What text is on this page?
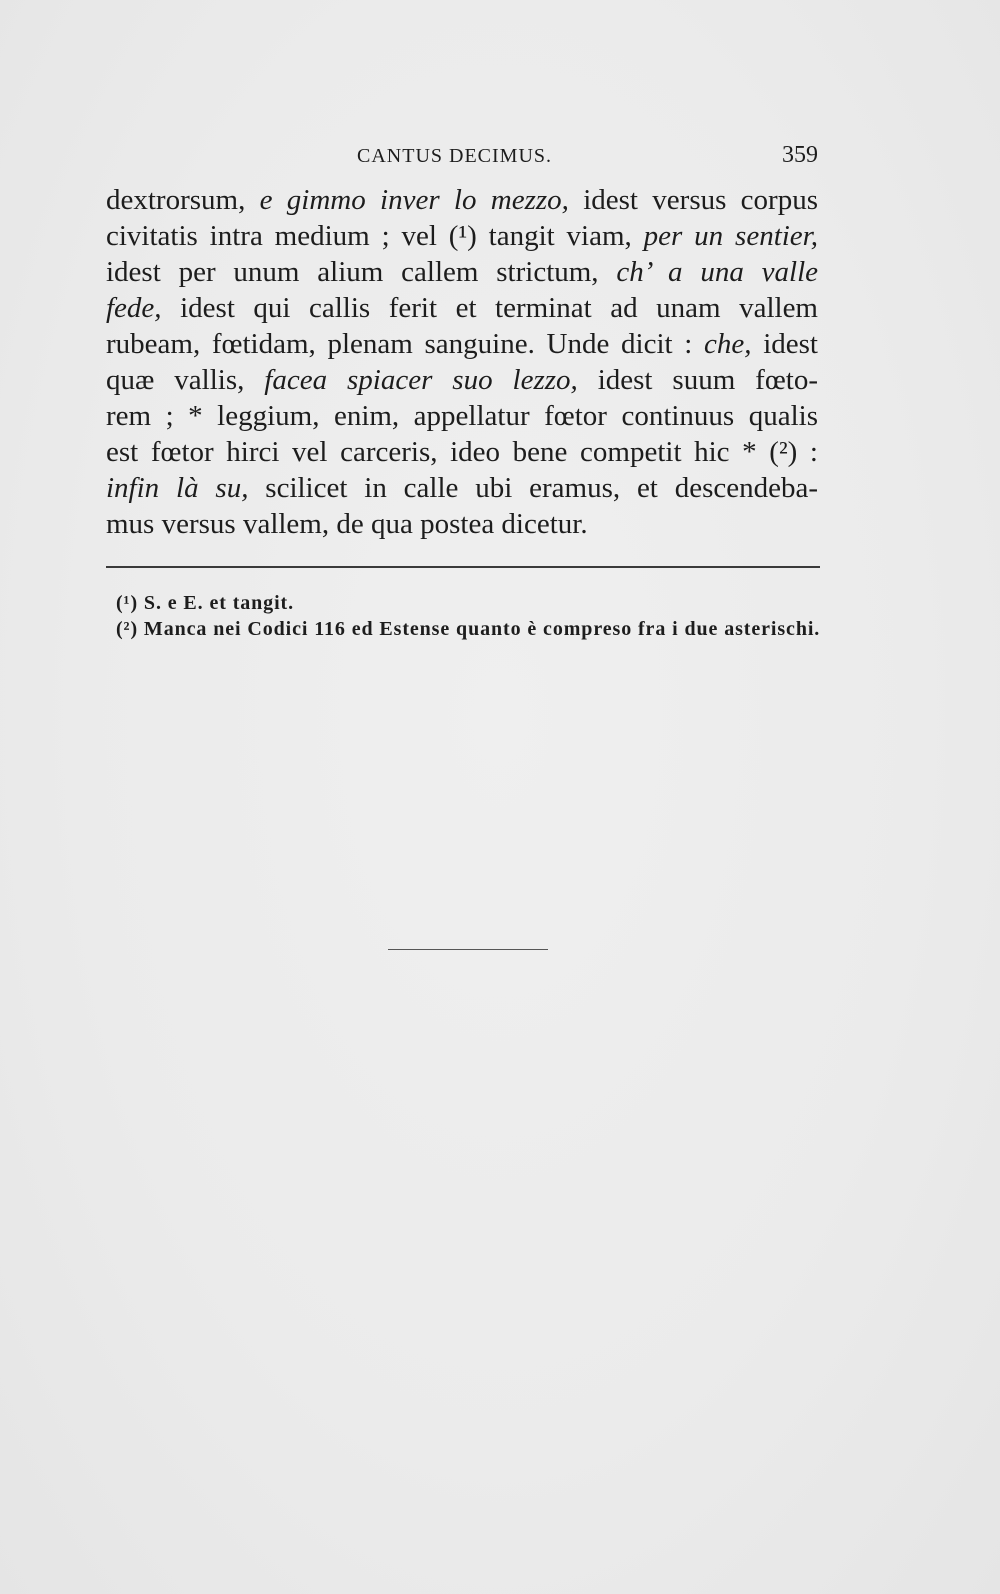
CANTUS DECIMUS.	359
dextrorsum, e gimmo inver lo mezzo, idest versus corpus
civitatis intra medium ; vel (¹) tangit viam, per un sentier,
idest per unum alium callem strictum, ch’ a una valle
fede, idest qui callis ferit et terminat ad unam vallem
rubeam, fœtidam, plenam sanguine. Unde dicit : che, idest
quæ vallis, facea spiacer suo lezzo, idest suum fœto-
rem ; * leggium, enim, appellatur fœtor continuus qualis
est fœtor hirci vel carceris, ideo bene competit hic * (²) :
infin là su, scilicet in calle ubi eramus, et descendeba-
mus versus vallem, de qua postea dicetur.
(¹) S. e E. et tangit.
(²) Manca nei Codici 116 ed Estense quanto è compreso fra i due asterischi.
